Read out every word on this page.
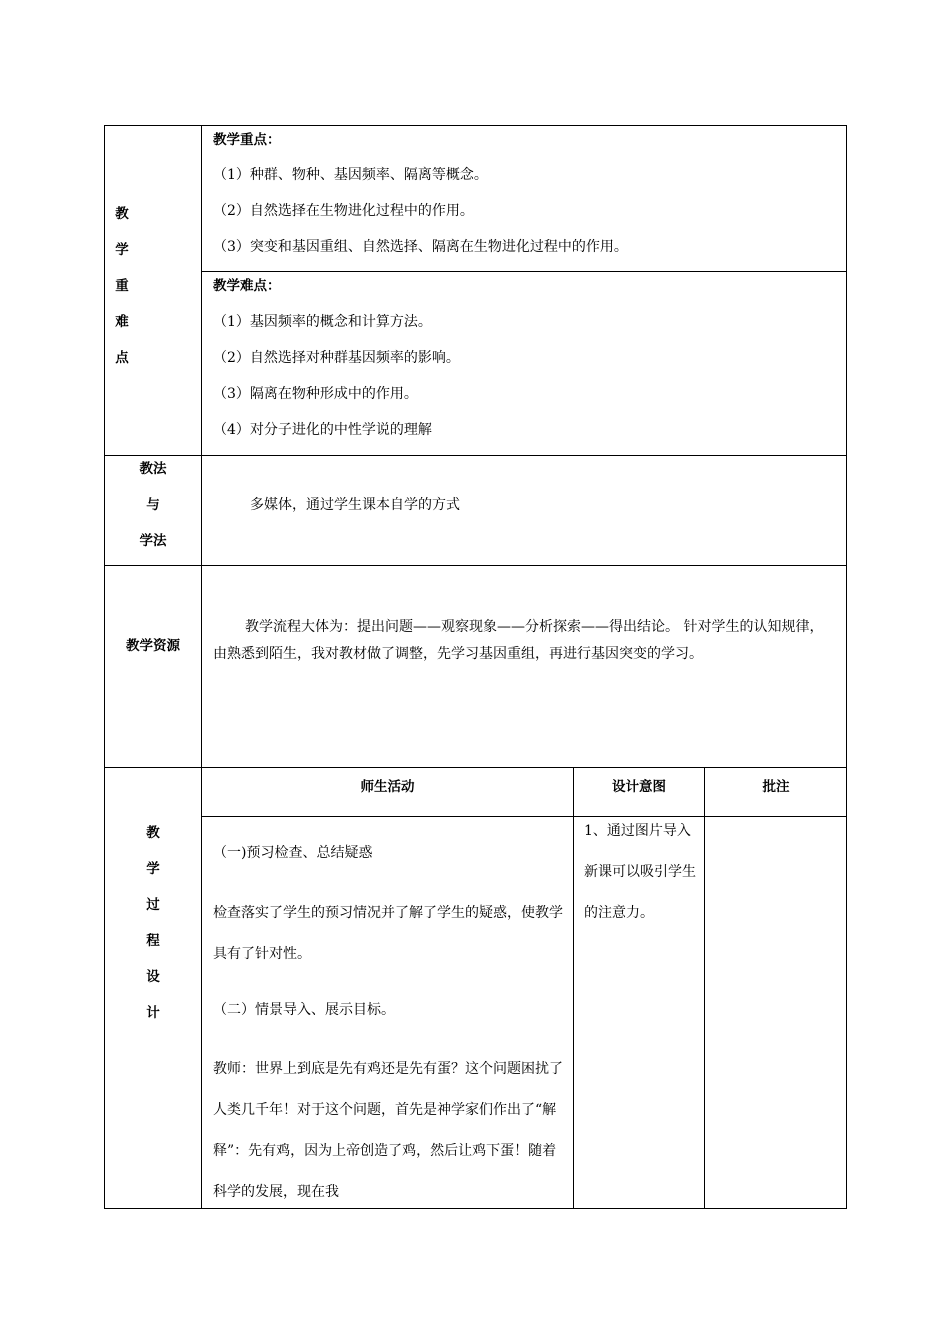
教
学
重
难
点
教学重点：
（1）种群、物种、基因频率、隔离等概念。
（2）自然选择在生物进化过程中的作用。
（3）突变和基因重组、自然选择、隔离在生物进化过程中的作用。
教学难点：
（1）基因频率的概念和计算方法。
（2）自然选择对种群基因频率的影响。
（3）隔离在物种形成中的作用。
（4）对分子进化的中性学说的理解
教法
与
学法
多媒体，通过学生课本自学的方式
教学资源
教学流程大体为：提出问题——观察现象——分析探索——得出结论。 针对学生的认知规律，由熟悉到陌生，我对教材做了调整，先学习基因重组，再进行基因突变的学习。
教
学
过
程
设
计
师生活动	设计意图	批注
（一)预习检查、总结疑惑
检查落实了学生的预习情况并了解了学生的疑惑，使教学具有了针对性。
（二）情景导入、展示目标。
教师：世界上到底是先有鸡还是先有蛋？这个问题困扰了人类几千年！对于这个问题，首先是神学家们作出了“解释”：先有鸡，因为上帝创造了鸡，然后让鸡下蛋！随着科学的发展，现在我
1、通过图片导入新课可以吸引学生的注意力。
